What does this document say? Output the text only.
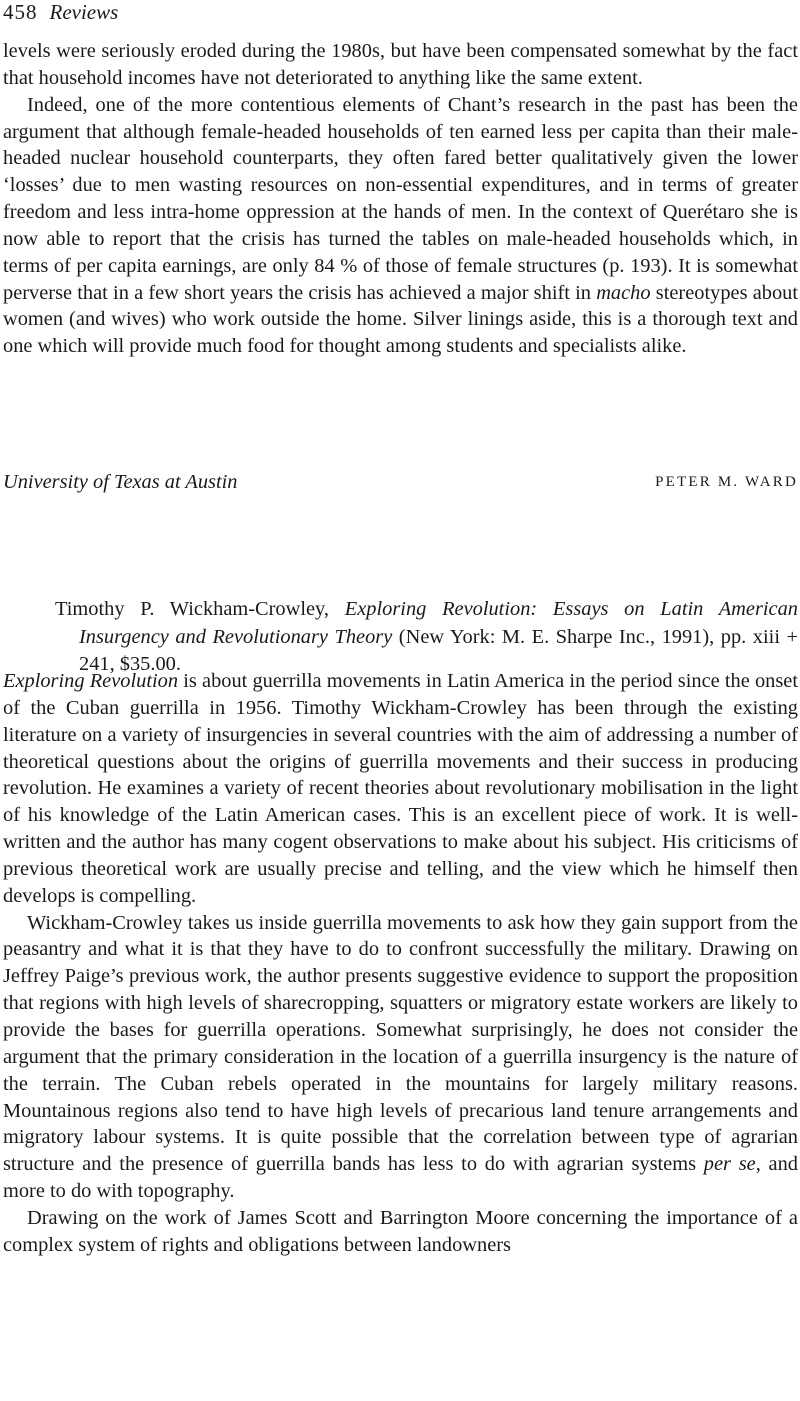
458 Reviews

levels were seriously eroded during the 1980s, but have been compensated somewhat by the fact that household incomes have not deteriorated to anything like the same extent.

Indeed, one of the more contentious elements of Chant’s research in the past has been the argument that although female-headed households of ten earned less per capita than their male-headed nuclear household counterparts, they often fared better qualitatively given the lower ‘losses’ due to men wasting resources on non-essential expenditures, and in terms of greater freedom and less intra-home oppression at the hands of men. In the context of Querétaro she is now able to report that the crisis has turned the tables on male-headed households which, in terms of per capita earnings, are only 84 % of those of female structures (p. 193). It is somewhat perverse that in a few short years the crisis has achieved a major shift in macho stereotypes about women (and wives) who work outside the home. Silver linings aside, this is a thorough text and one which will provide much food for thought among students and specialists alike.

University of Texas at Austin	PETER M. WARD
Timothy P. Wickham-Crowley, Exploring Revolution: Essays on Latin American Insurgency and Revolutionary Theory (New York: M. E. Sharpe Inc., 1991), pp. xiii + 241, $35.00.

Exploring Revolution is about guerrilla movements in Latin America in the period since the onset of the Cuban guerrilla in 1956. Timothy Wickham-Crowley has been through the existing literature on a variety of insurgencies in several countries with the aim of addressing a number of theoretical questions about the origins of guerrilla movements and their success in producing revolution. He examines a variety of recent theories about revolutionary mobilisation in the light of his knowledge of the Latin American cases. This is an excellent piece of work. It is well-written and the author has many cogent observations to make about his subject. His criticisms of previous theoretical work are usually precise and telling, and the view which he himself then develops is compelling.

Wickham-Crowley takes us inside guerrilla movements to ask how they gain support from the peasantry and what it is that they have to do to confront successfully the military. Drawing on Jeffrey Paige’s previous work, the author presents suggestive evidence to support the proposition that regions with high levels of sharecropping, squatters or migratory estate workers are likely to provide the bases for guerrilla operations. Somewhat surprisingly, he does not consider the argument that the primary consideration in the location of a guerrilla insurgency is the nature of the terrain. The Cuban rebels operated in the mountains for largely military reasons. Mountainous regions also tend to have high levels of precarious land tenure arrangements and migratory labour systems. It is quite possible that the correlation between type of agrarian structure and the presence of guerrilla bands has less to do with agrarian systems per se, and more to do with topography.

Drawing on the work of James Scott and Barrington Moore concerning the importance of a complex system of rights and obligations between landowners
